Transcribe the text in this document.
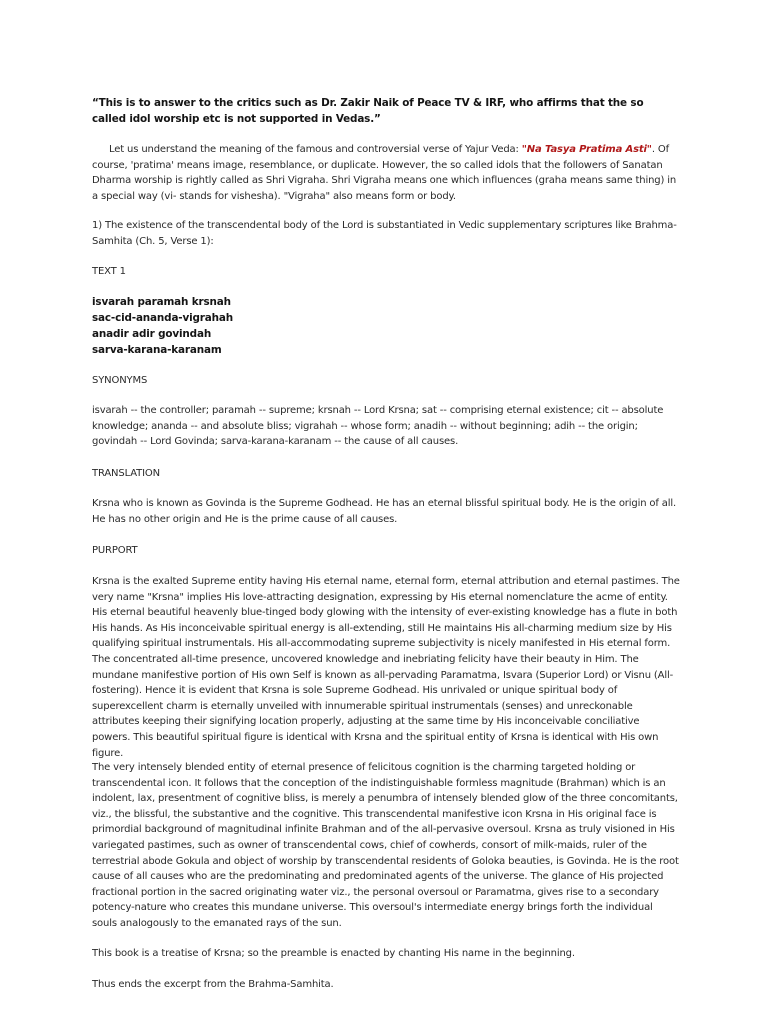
“This is to answer to the critics such as Dr. Zakir Naik of Peace TV & IRF, who affirms that the so called idol worship etc is not supported in Vedas.”

Let us understand the meaning of the famous and controversial verse of Yajur Veda: "Na Tasya Pratima Asti". Of course, 'pratima' means image, resemblance, or duplicate. However, the so called idols that the followers of Sanatan Dharma worship is rightly called as Shri Vigraha. Shri Vigraha means one which influences (graha means same thing) in a special way (vi- stands for vishesha). "Vigraha" also means form or body.

1) The existence of the transcendental body of the Lord is substantiated in Vedic supplementary scriptures like Brahma-Samhita (Ch. 5, Verse 1):

TEXT 1

isvarah paramah krsnah
sac-cid-ananda-vigrahah
anadir adir govindah
sarva-karana-karanam

SYNONYMS

isvarah -- the controller; paramah -- supreme; krsnah -- Lord Krsna; sat -- comprising eternal existence; cit -- absolute knowledge; ananda -- and absolute bliss; vigrahah -- whose form; anadih -- without beginning; adih -- the origin; govindah -- Lord Govinda; sarva-karana-karanam -- the cause of all causes.

TRANSLATION

Krsna who is known as Govinda is the Supreme Godhead. He has an eternal blissful spiritual body. He is the origin of all. He has no other origin and He is the prime cause of all causes.

PURPORT

Krsna is the exalted Supreme entity having His eternal name, eternal form, eternal attribution and eternal pastimes. The very name "Krsna" implies His love-attracting designation, expressing by His eternal nomenclature the acme of entity. His eternal beautiful heavenly blue-tinged body glowing with the intensity of ever-existing knowledge has a flute in both His hands. As His inconceivable spiritual energy is all-extending, still He maintains His all-charming medium size by His qualifying spiritual instrumentals. His all-accommodating supreme subjectivity is nicely manifested in His eternal form. The concentrated all-time presence, uncovered knowledge and inebriating felicity have their beauty in Him. The mundane manifestive portion of His own Self is known as all-pervading Paramatma, Isvara (Superior Lord) or Visnu (All-fostering). Hence it is evident that Krsna is sole Supreme Godhead. His unrivaled or unique spiritual body of superexcellent charm is eternally unveiled with innumerable spiritual instrumentals (senses) and unreckonable attributes keeping their signifying location properly, adjusting at the same time by His inconceivable conciliative powers. This beautiful spiritual figure is identical with Krsna and the spiritual entity of Krsna is identical with His own figure.

The very intensely blended entity of eternal presence of felicitous cognition is the charming targeted holding or transcendental icon. It follows that the conception of the indistinguishable formless magnitude (Brahman) which is an indolent, lax, presentment of cognitive bliss, is merely a penumbra of intensely blended glow of the three concomitants, viz., the blissful, the substantive and the cognitive. This transcendental manifestive icon Krsna in His original face is primordial background of magnitudinal infinite Brahman and of the all-pervasive oversoul. Krsna as truly visioned in His variegated pastimes, such as owner of transcendental cows, chief of cowherds, consort of milk-maids, ruler of the terrestrial abode Gokula and object of worship by transcendental residents of Goloka beauties, is Govinda. He is the root cause of all causes who are the predominating and predominated agents of the universe. The glance of His projected fractional portion in the sacred originating water viz., the personal oversoul or Paramatma, gives rise to a secondary potency-nature who creates this mundane universe. This oversoul's intermediate energy brings forth the individual souls analogously to the emanated rays of the sun.

This book is a treatise of Krsna; so the preamble is enacted by chanting His name in the beginning.

Thus ends the excerpt from the Brahma-Samhita.
